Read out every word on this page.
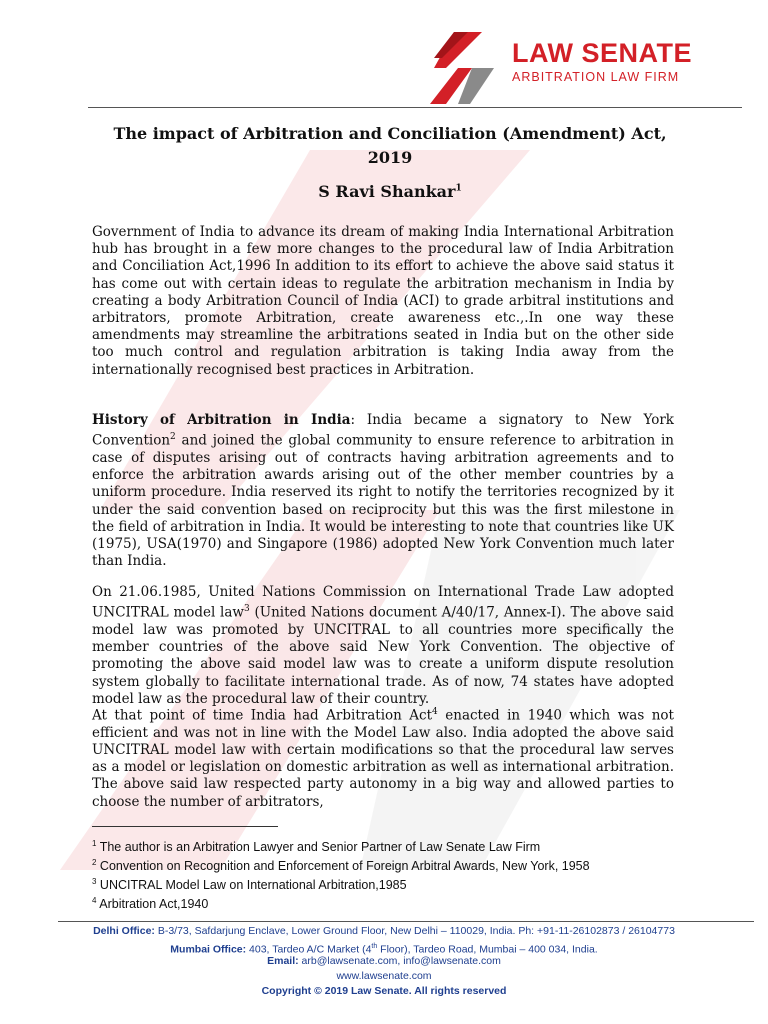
LAW SENATE
ARBITRATION LAW FIRM
The impact of Arbitration and Conciliation (Amendment) Act,
2019
S Ravi Shankar$^1$

Government of India to advance its dream of making India International Arbitration hub has brought in a few more changes to the procedural law of India Arbitration and Conciliation Act,1996 In addition to its effort to achieve the above said status it has come out with certain ideas to regulate the arbitration mechanism in India by creating a body Arbitration Council of India (ACI) to grade arbitral institutions and arbitrators, promote Arbitration, create awareness etc.,.In one way these amendments may streamline the arbitrations seated in India but on the other side too much control and regulation arbitration is taking India away from the internationally recognised best practices in Arbitration.

History of Arbitration in India: India became a signatory to New York Convention$^2$ and joined the global community to ensure reference to arbitration in case of disputes arising out of contracts having arbitration agreements and to enforce the arbitration awards arising out of the other member countries by a uniform procedure. India reserved its right to notify the territories recognized by it under the said convention based on reciprocity but this was the first milestone in the field of arbitration in India. It would be interesting to note that countries like UK (1975), USA(1970) and Singapore (1986) adopted New York Convention much later than India.

On 21.06.1985, United Nations Commission on International Trade Law adopted UNCITRAL model law$^3$ (United Nations document A/40/17, Annex-I). The above said model law was promoted by UNCITRAL to all countries more specifically the member countries of the above said New York Convention. The objective of promoting the above said model law was to create a uniform dispute resolution system globally to facilitate international trade. As of now, 74 states have adopted model law as the procedural law of their country.

At that point of time India had Arbitration Act$^4$ enacted in 1940 which was not efficient and was not in line with the Model Law also. India adopted the above said UNCITRAL model law with certain modifications so that the procedural law serves as a model or legislation on domestic arbitration as well as international arbitration. The above said law respected party autonomy in a big way and allowed parties to choose the number of arbitrators,

$^1$ The author is an Arbitration Lawyer and Senior Partner of Law Senate Law Firm
$^2$ Convention on Recognition and Enforcement of Foreign Arbitral Awards, New York, 1958
$^3$ UNCITRAL Model Law on International Arbitration,1985
$^4$ Arbitration Act,1940
Delhi Office: B-3/73, Safdarjung Enclave, Lower Ground Floor, New Delhi – 110029, India. Ph: +91-11-26102873 / 26104773
Mumbai Office: 403, Tardeo A/C Market (4th Floor), Tardeo Road, Mumbai – 400 034, India.
Email: arb@lawsenate.com, info@lawsenate.com
www.lawsenate.com
Copyright © 2019 Law Senate. All rights reserved
